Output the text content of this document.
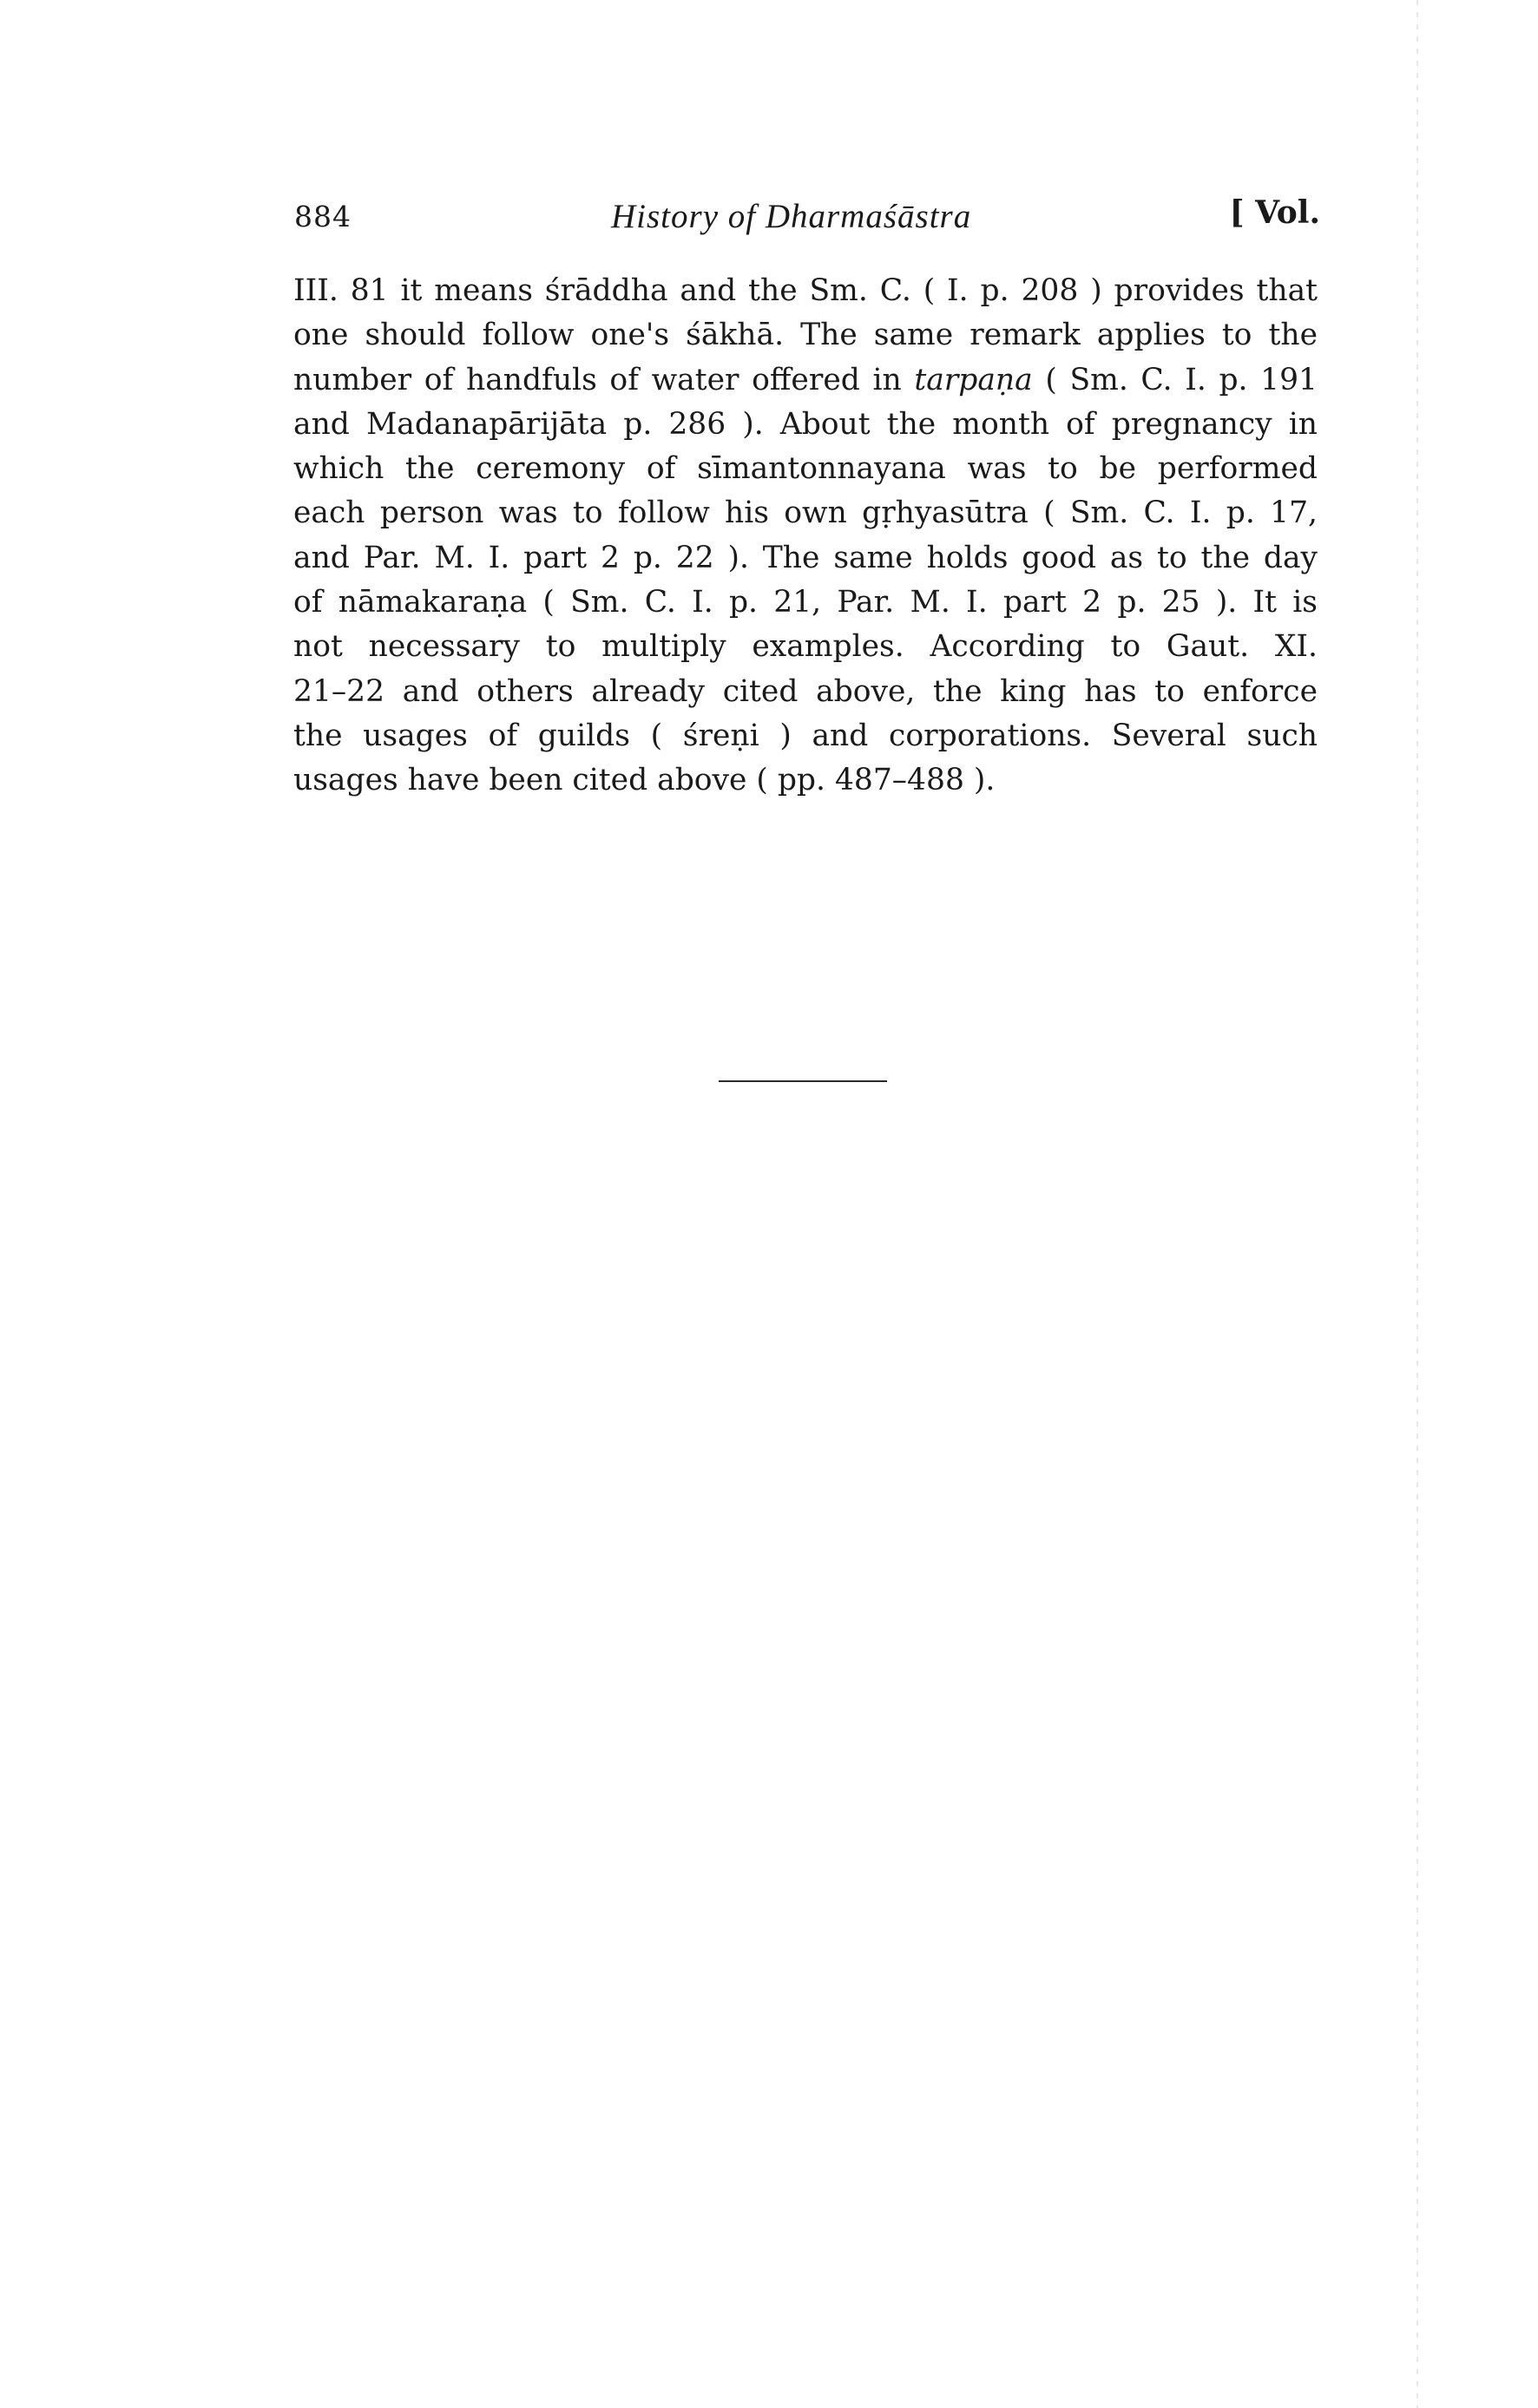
884	History of Dharmaśāstra	[ Vol.
III. 81 it means śrāddha and the Sm. C. ( I. p. 208 ) provides that
one should follow one's śākhā. The same remark applies to the
number of handfuls of water offered in tarpaṇa ( Sm. C. I. p. 191
and Madanapārijāta p. 286 ). About the month of pregnancy in
which the ceremony of sīmantonnayana was to be performed
each person was to follow his own gṛhyasūtra ( Sm. C. I. p. 17,
and Par. M. I. part 2 p. 22 ). The same holds good as to the day
of nāmakaraṇa ( Sm. C. I. p. 21, Par. M. I. part 2 p. 25 ). It is
not necessary to multiply examples. According to Gaut. XI.
21–22 and others already cited above, the king has to enforce
the usages of guilds ( śreṇi ) and corporations. Several such
usages have been cited above ( pp. 487–488 ).
